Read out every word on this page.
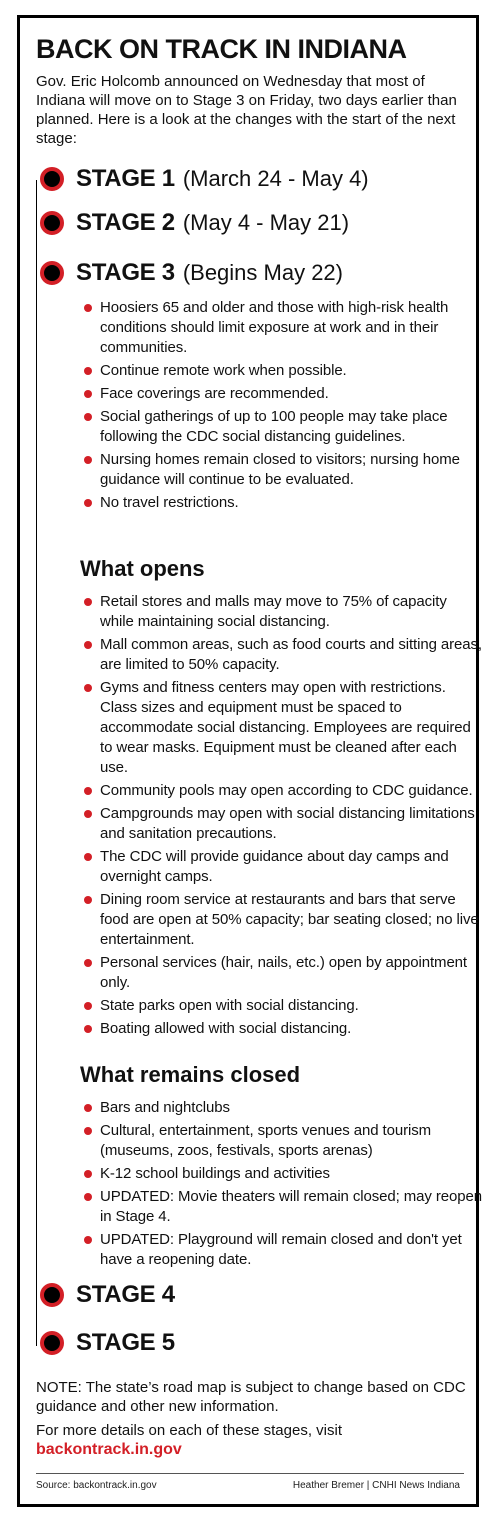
BACK ON TRACK IN INDIANA
Gov. Eric Holcomb announced on Wednesday that most of Indiana will move on to Stage 3 on Friday, two days earlier than planned. Here is a look at the changes with the start of the next stage:
STAGE 1 (March 24 - May 4)
STAGE 2 (May 4 - May 21)
STAGE 3 (Begins May 22)
Hoosiers 65 and older and those with high-risk health conditions should limit exposure at work and in their communities.
Continue remote work when possible.
Face coverings are recommended.
Social gatherings of up to 100 people may take place following the CDC social distancing guidelines.
Nursing homes remain closed to visitors; nursing home guidance will continue to be evaluated.
No travel restrictions.
What opens
Retail stores and malls may move to 75% of capacity while maintaining social distancing.
Mall common areas, such as food courts and sitting areas, are limited to 50% capacity.
Gyms and fitness centers may open with restrictions. Class sizes and equipment must be spaced to accommodate social distancing. Employees are required to wear masks. Equipment must be cleaned after each use.
Community pools may open according to CDC guidance.
Campgrounds may open with social distancing limitations and sanitation precautions.
The CDC will provide guidance about day camps and overnight camps.
Dining room service at restaurants and bars that serve food are open at 50% capacity; bar seating closed; no live entertainment.
Personal services (hair, nails, etc.) open by appointment only.
State parks open with social distancing.
Boating allowed with social distancing.
What remains closed
Bars and nightclubs
Cultural, entertainment, sports venues and tourism (museums, zoos, festivals, sports arenas)
K-12 school buildings and activities
UPDATED: Movie theaters will remain closed; may reopen in Stage 4.
UPDATED: Playground will remain closed and don't yet have a reopening date.
STAGE 4
STAGE 5
NOTE: The state’s road map is subject to change based on CDC guidance and other new information.
For more details on each of these stages, visit
backontrack.in.gov
Source: backontrack.in.gov	Heather Bremer | CNHI News Indiana
